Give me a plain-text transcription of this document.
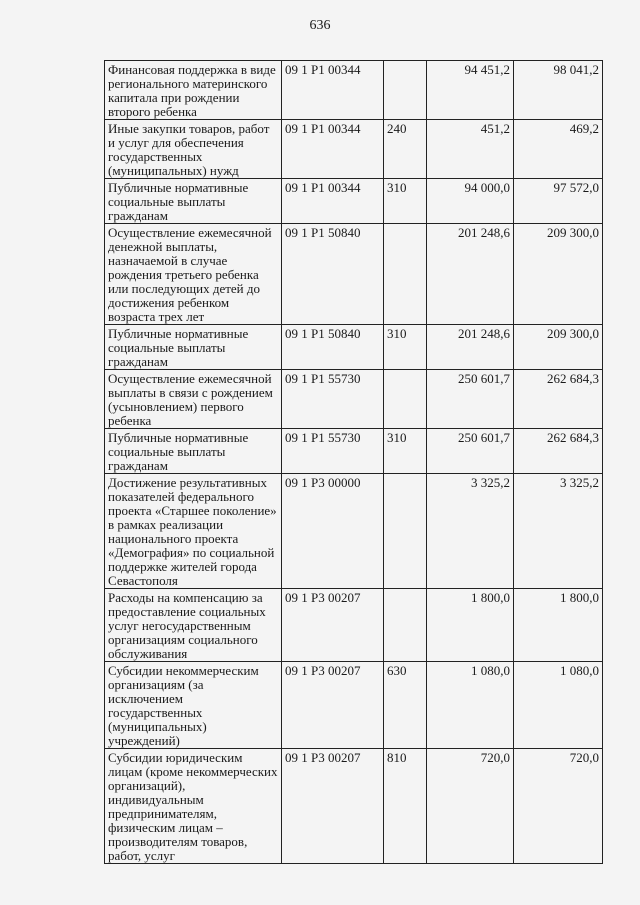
636
Финансовая поддержка в виде регионального материнского капитала при рождении второго ребенка	09 1 Р1 00344		94 451,2	98 041,2
Иные закупки товаров, работ и услуг для обеспечения государственных (муниципальных) нужд	09 1 Р1 00344	240	451,2	469,2
Публичные нормативные социальные выплаты гражданам	09 1 Р1 00344	310	94 000,0	97 572,0
Осуществление ежемесячной денежной выплаты, назначаемой в случае рождения третьего ребенка или последующих детей до достижения ребенком возраста трех лет	09 1 Р1 50840		201 248,6	209 300,0
Публичные нормативные социальные выплаты гражданам	09 1 Р1 50840	310	201 248,6	209 300,0
Осуществление ежемесячной выплаты в связи с рождением (усыновлением) первого ребенка	09 1 Р1 55730		250 601,7	262 684,3
Публичные нормативные социальные выплаты гражданам	09 1 Р1 55730	310	250 601,7	262 684,3
Достижение результативных показателей федерального проекта «Старшее поколение» в рамках реализации национального проекта «Демография» по социальной поддержке жителей города Севастополя	09 1 Р3 00000		3 325,2	3 325,2
Расходы на компенсацию за предоставление социальных услуг негосударственным организациям социального обслуживания	09 1 Р3 00207		1 800,0	1 800,0
Субсидии некоммерческим организациям (за исключением государственных (муниципальных) учреждений)	09 1 Р3 00207	630	1 080,0	1 080,0
Субсидии юридическим лицам (кроме некоммерческих организаций), индивидуальным предпринимателям, физическим лицам – производителям товаров, работ, услуг	09 1 Р3 00207	810	720,0	720,0
